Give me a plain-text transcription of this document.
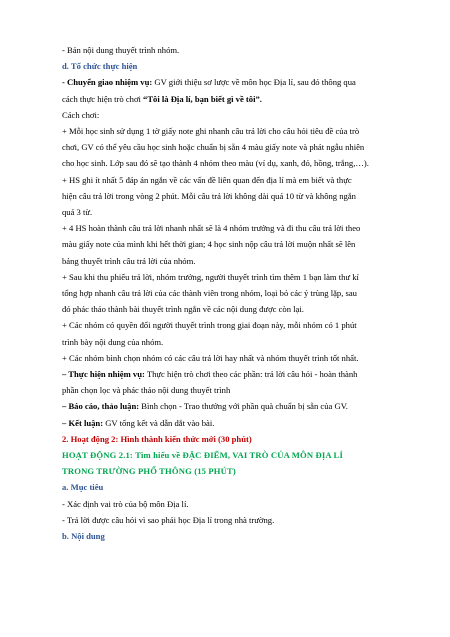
- Bản nội dung thuyết trình nhóm.

d. Tổ chức thực hiện

- Chuyển giao nhiệm vụ: GV giới thiệu sơ lược về môn học Địa lí, sau đó thông qua

cách thực hiện trò chơi “Tôi là Địa lí, bạn biết gì về tôi”.

Cách chơi:

+ Mỗi học sinh sử dụng 1 tờ giấy note ghi nhanh câu trả lời cho câu hỏi tiêu đề của trò

chơi, GV có thể yêu cầu học sinh hoặc chuẩn bị sẵn 4 màu giấy note và phát ngẫu nhiên

cho học sinh. Lớp sau đó sẽ tạo thành 4 nhóm theo màu (ví dụ, xanh, đỏ, hồng, trắng,…).

+ HS ghi ít nhất 5 đáp án ngắn về các vấn đề liên quan đến địa lí mà em biết và thực

hiện câu trả lời trong vòng 2 phút. Mỗi câu trả lời không dài quá 10 từ và không ngắn

quá 3 từ.

+ 4 HS hoàn thành câu trả lời nhanh nhất sẽ là 4 nhóm trưởng và đi thu câu trả lời theo

màu giấy note của mình khi hết thời gian; 4 học sinh nộp câu trả lời muộn nhất sẽ lên

bảng thuyết trình câu trả lời của nhóm.

+ Sau khi thu phiếu trả lời, nhóm trưởng, người thuyết trình tìm thêm 1 bạn làm thư kí

tổng hợp nhanh câu trả lời của các thành viên trong nhóm, loại bỏ các ý trùng lặp, sau

đó phác thảo thành bài thuyết trình ngắn về các nội dung được còn lại.

+ Các nhóm có quyền đổi người thuyết trình trong giai đoạn này, mỗi nhóm có 1 phút

trình bày nội dung của nhóm.

+ Các nhóm bình chọn nhóm có các câu trả lời hay nhất và nhóm thuyết trình tốt nhất.

– Thực hiện nhiệm vụ: Thực hiện trò chơi theo các phần: trả lời câu hỏi - hoàn thành

phần chọn lọc và phác thảo nội dung thuyết trình

– Báo cáo, thảo luận: Bình chọn - Trao thưởng với phần quà chuẩn bị sẵn của GV.

– Kết luận: GV tổng kết và dẫn dắt vào bài.

2. Hoạt động 2: Hình thành kiến thức mới (30 phút)

HOẠT ĐỘNG 2.1: Tìm hiểu về ĐẶC ĐIỂM, VAI TRÒ CỦA MÔN ĐỊA LÍ

TRONG TRƯỜNG PHỔ THÔNG (15 PHÚT)

a. Mục tiêu

- Xác định vai trò của bộ môn Địa lí.

- Trả lời được câu hỏi vì sao phải học Địa lí trong nhà trường.

b. Nội dung
